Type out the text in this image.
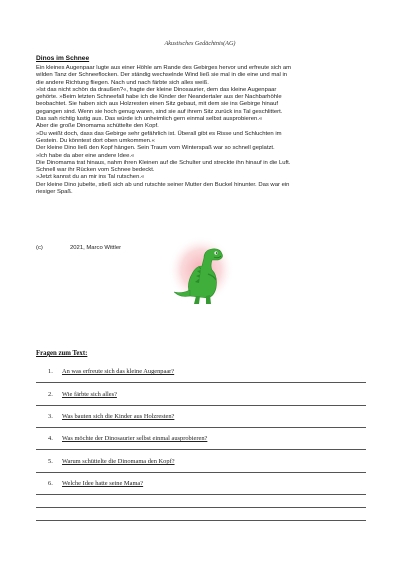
Akustisches Gedächtnis(AG)
Dinos im Schnee
Ein kleines Augenpaar lugte aus einer Höhle am Rande des Gebirges hervor und erfreute sich am
wilden Tanz der Schneeflocken. Der ständig wechselnde Wind ließ sie mal in die eine und mal in
die andere Richtung fliegen. Nach und nach färbte sich alles weiß.
»Ist das nicht schön da draußen?«, fragte der kleine Dinosaurier, dem das kleine Augenpaar
gehörte. »Beim letzten Schneefall habe ich die Kinder der Neandertaler aus der Nachbarhöhle
beobachtet. Sie haben sich aus Holzresten einen Sitz gebaut, mit dem sie ins Gebirge hinauf
gegangen sind. Wenn sie hoch genug waren, sind sie auf ihrem Sitz zurück ins Tal geschlittert.
Das sah richtig lustig aus. Das würde ich unheimlich gern einmal selbst ausprobieren.«
Aber die große Dinomama schüttelte den Kopf.
»Du weißt doch, dass das Gebirge sehr gefährlich ist. Überall gibt es Risse und Schluchten im
Gestein. Du könntest dort oben umkommen.«
Der kleine Dino ließ den Kopf hängen. Sein Traum vom Winterspaß war so schnell geplatzt.
»Ich habe da aber eine andere Idee.«
Die Dinomama trat hinaus, nahm ihren Kleinen auf die Schulter und streckte ihn hinauf in die Luft.
Schnell war ihr Rücken vom Schnee bedeckt.
»Jetzt kannst du an mir ins Tal rutschen.«
Der kleine Dino jubelte, stieß sich ab und rutschte seiner Mutter den Buckel hinunter. Das war ein
riesiger Spaß.
(c)	2021, Marco Wittler
Fragen zum Text:
1. An was erfreute sich das kleine Augenpaar?
2. Wie färbte sich alles?
3. Was bauten sich die Kinder aus Holzresten?
4. Was möchte der Dinosaurier selbst einmal ausprobieren?
5. Warum schüttelte die Dinomama den Kopf?
6. Welche Idee hatte seine Mama?
